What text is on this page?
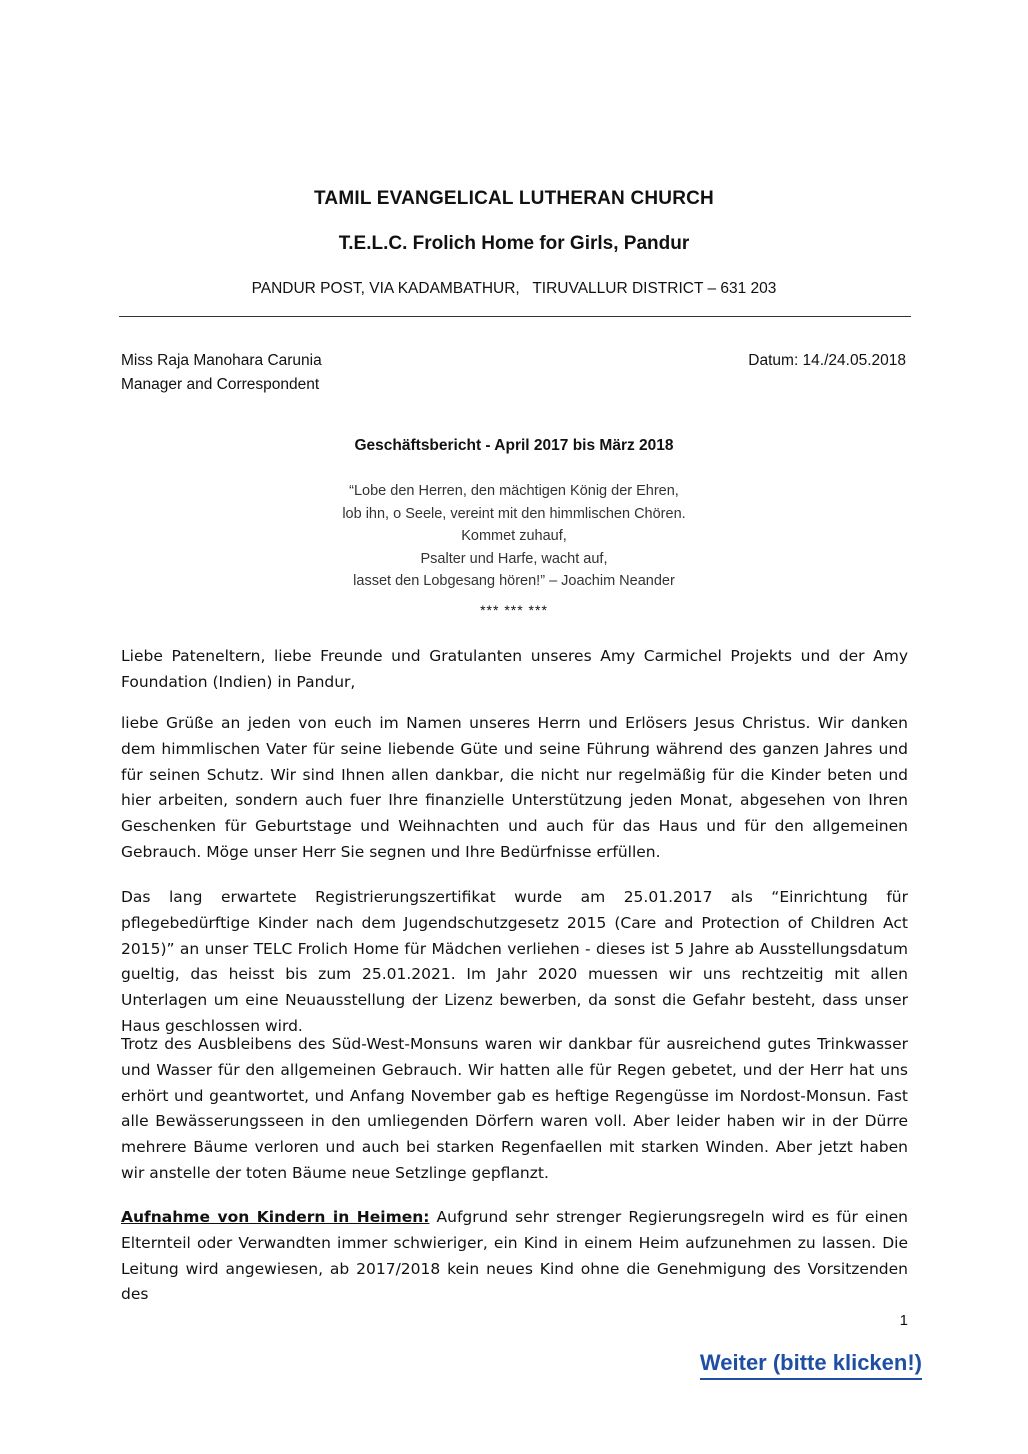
TAMIL EVANGELICAL LUTHERAN CHURCH
T.E.L.C. Frolich Home for Girls, Pandur
PANDUR POST, VIA KADAMBATHUR,   TIRUVALLUR DISTRICT – 631 203
Miss Raja Manohara Carunia
Manager and Correspondent
Datum: 14./24.05.2018
Geschäftsbericht - April 2017 bis März 2018
“Lobe den Herren, den mächtigen König der Ehren,
lob ihn, o Seele, vereint mit den himmlischen Chören.
Kommet zuhauf,
Psalter und Harfe, wacht auf,
lasset den Lobgesang hören!” – Joachim Neander
*** *** ***
Liebe Pateneltern, liebe Freunde und Gratulanten unseres Amy Carmichel Projekts und der Amy Foundation (Indien) in Pandur,
liebe Grüße an jeden von euch im Namen unseres Herrn und Erlösers Jesus Christus. Wir danken dem himmlischen Vater für seine liebende Güte und seine Führung während des ganzen Jahres und für seinen Schutz. Wir sind Ihnen allen dankbar, die nicht nur regelmäßig für die Kinder beten und hier arbeiten, sondern auch fuer Ihre finanzielle Unterstützung jeden Monat, abgesehen von Ihren Geschenken für Geburtstage und Weihnachten und auch für das Haus und für den allgemeinen Gebrauch. Möge unser Herr Sie segnen und Ihre Bedürfnisse erfüllen.
Das lang erwartete Registrierungszertifikat wurde am 25.01.2017 als “Einrichtung für pflegebedürftige Kinder nach dem Jugendschutzgesetz 2015 (Care and Protection of Children Act 2015)” an unser TELC Frolich Home für Mädchen verliehen - dieses ist 5 Jahre ab Ausstellungsdatum gueltig, das heisst bis zum 25.01.2021. Im Jahr 2020 muessen wir uns rechtzeitig mit allen Unterlagen um eine Neuausstellung der Lizenz bewerben, da sonst die Gefahr besteht, dass unser Haus geschlossen wird.
Trotz des Ausbleibens des Süd-West-Monsuns waren wir dankbar für ausreichend gutes Trinkwasser und Wasser für den allgemeinen Gebrauch. Wir hatten alle für Regen gebetet, und der Herr hat uns erhört und geantwortet, und Anfang November gab es heftige Regengüsse im Nordost-Monsun. Fast alle Bewässerungsseen in den umliegenden Dörfern waren voll. Aber leider haben wir in der Dürre mehrere Bäume verloren und auch bei starken Regenfaellen mit starken Winden. Aber jetzt haben wir anstelle der toten Bäume neue Setzlinge gepflanzt.
Aufnahme von Kindern in Heimen: Aufgrund sehr strenger Regierungsregeln wird es für einen Elternteil oder Verwandten immer schwieriger, ein Kind in einem Heim aufzunehmen zu lassen. Die Leitung wird angewiesen, ab 2017/2018 kein neues Kind ohne die Genehmigung des Vorsitzenden des
1
Weiter (bitte klicken!)
